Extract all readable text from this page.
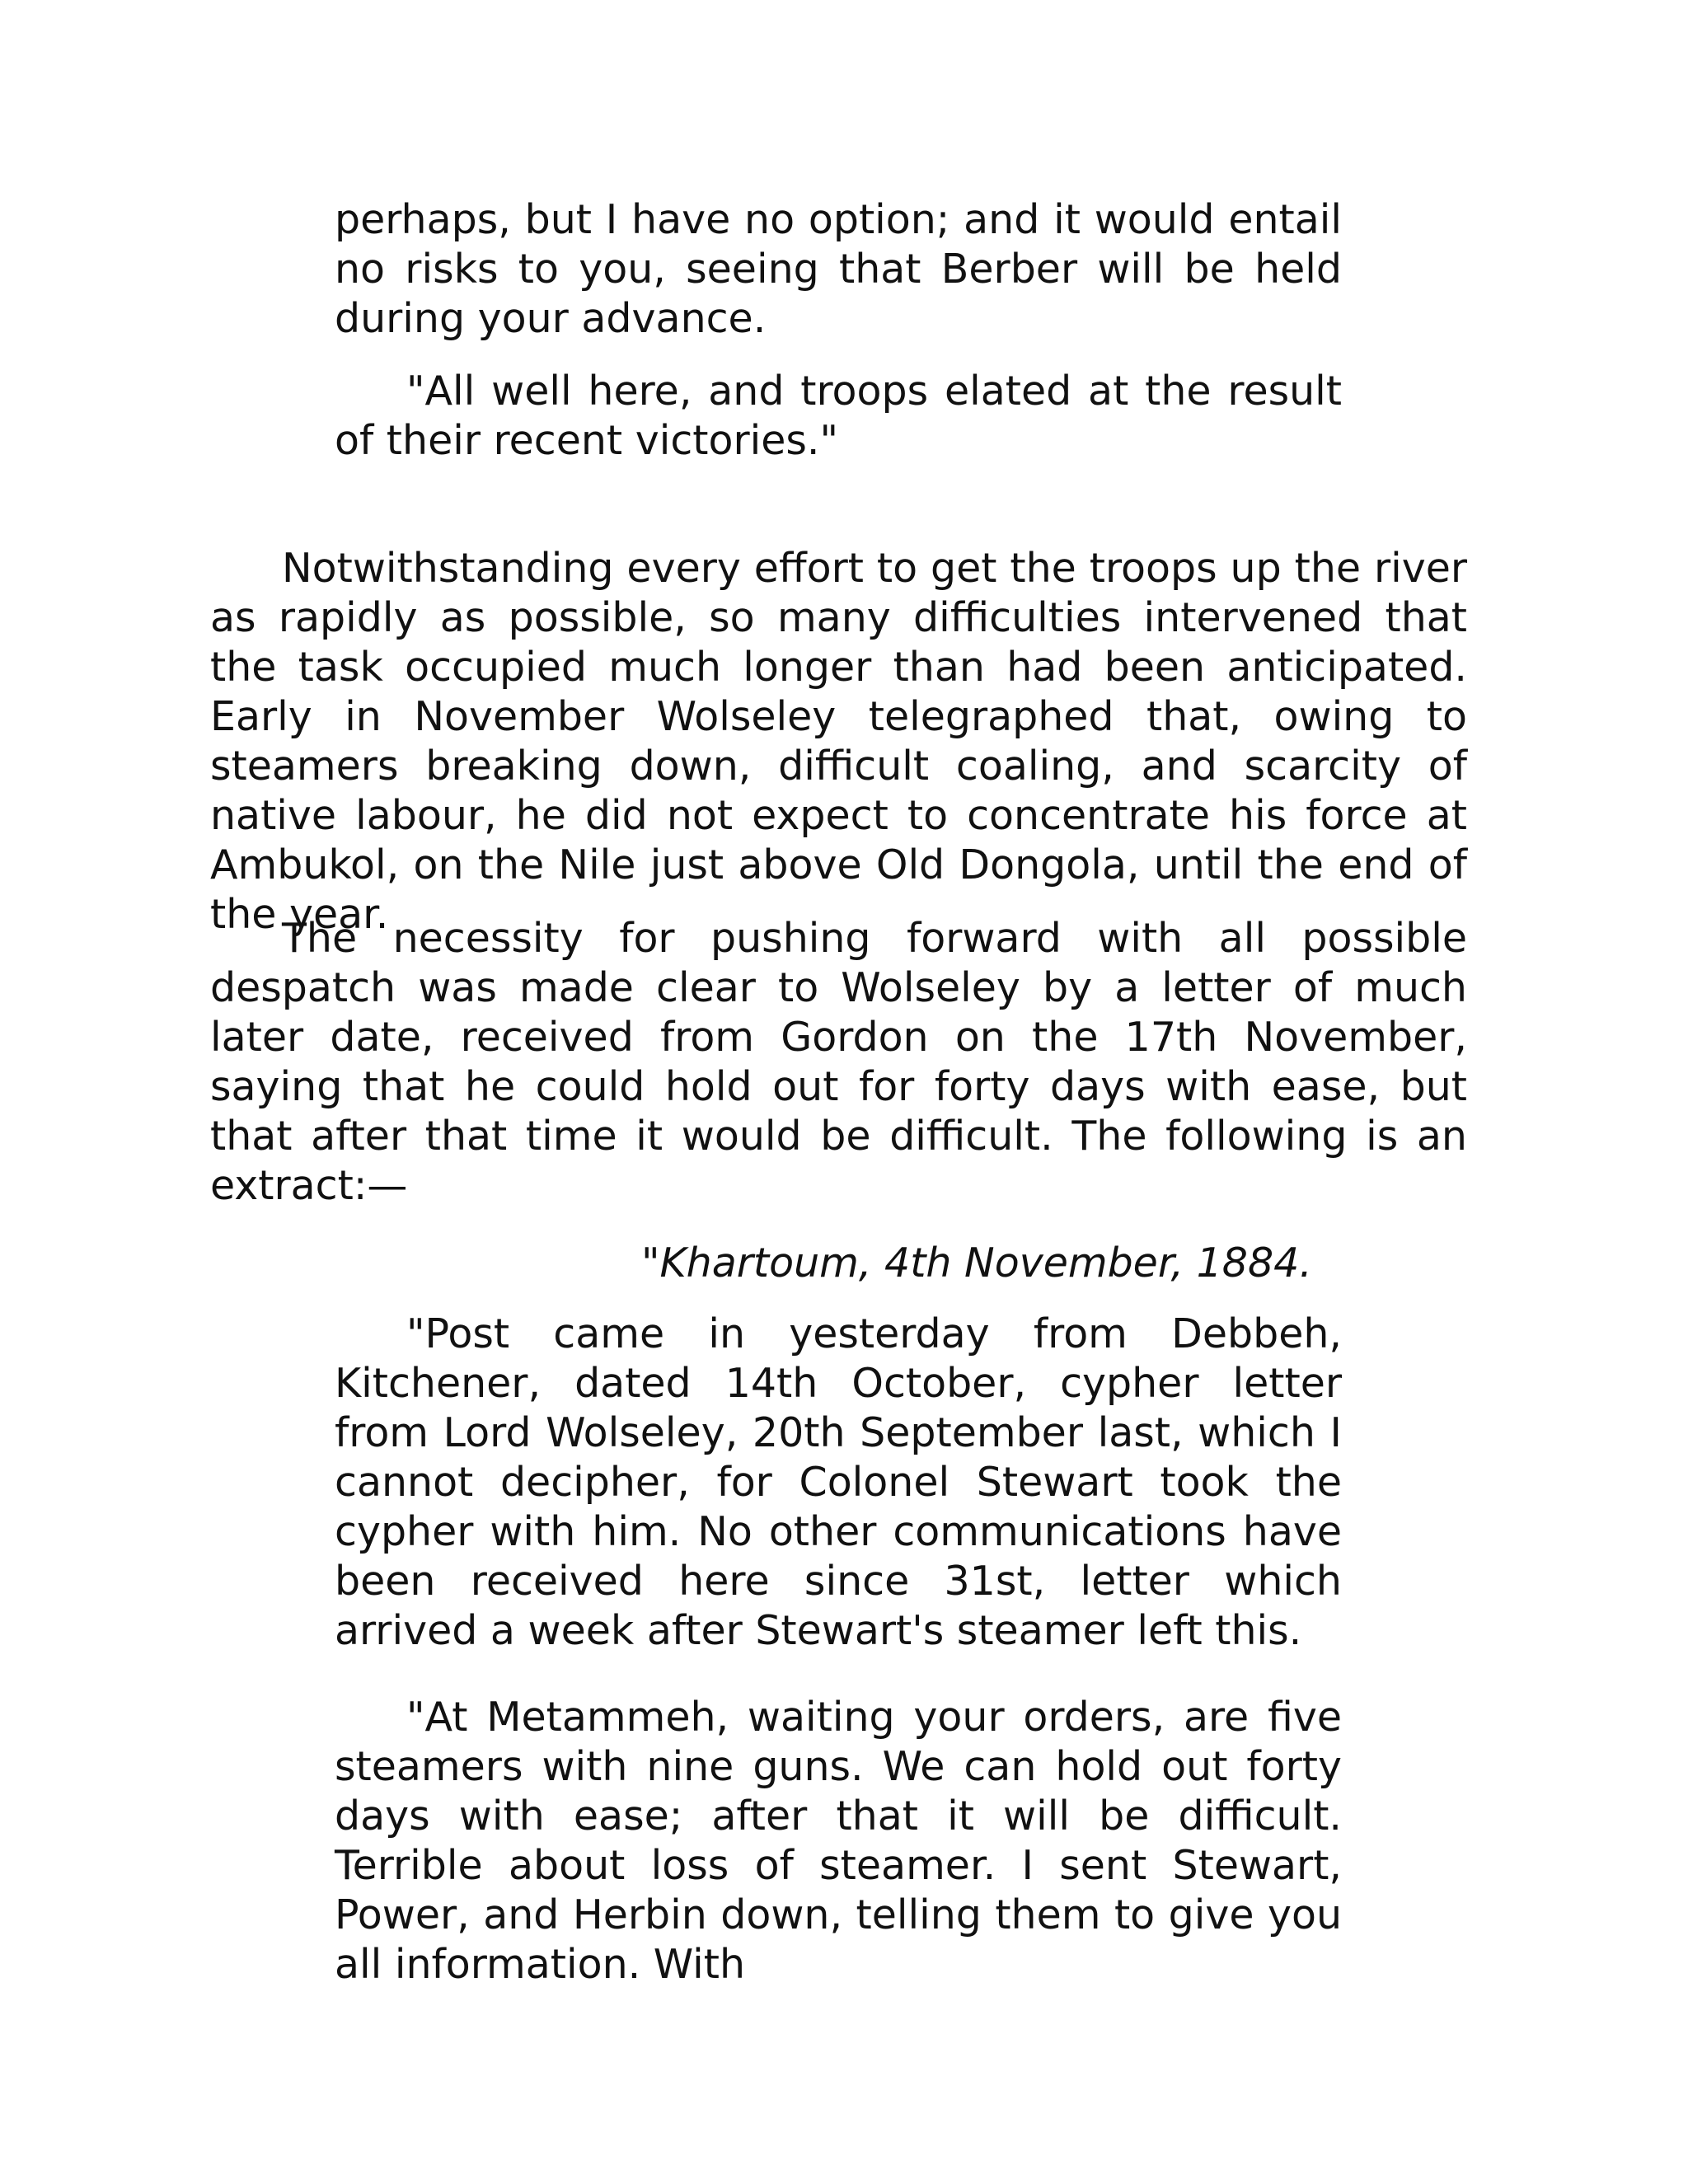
perhaps, but I have no option; and it would entail no risks to you, seeing that Berber will be held during your advance.

"All well here, and troops elated at the result of their recent victories."

Notwithstanding every effort to get the troops up the river as rapidly as possible, so many difficulties intervened that the task occupied much longer than had been anticipated. Early in November Wolseley telegraphed that, owing to steamers breaking down, difficult coaling, and scarcity of native labour, he did not expect to concentrate his force at Ambukol, on the Nile just above Old Dongola, until the end of the year.

The necessity for pushing forward with all possible despatch was made clear to Wolseley by a letter of much later date, received from Gordon on the 17th November, saying that he could hold out for forty days with ease, but that after that time it would be difficult. The following is an extract:—

"Khartoum, 4th November, 1884.

"Post came in yesterday from Debbeh, Kitchener, dated 14th October, cypher letter from Lord Wolseley, 20th September last, which I cannot decipher, for Colonel Stewart took the cypher with him. No other communications have been received here since 31st, letter which arrived a week after Stewart's steamer left this.

"At Metammeh, waiting your orders, are five steamers with nine guns. We can hold out forty days with ease; after that it will be difficult. Terrible about loss of steamer. I sent Stewart, Power, and Herbin down, telling them to give you all information. With
